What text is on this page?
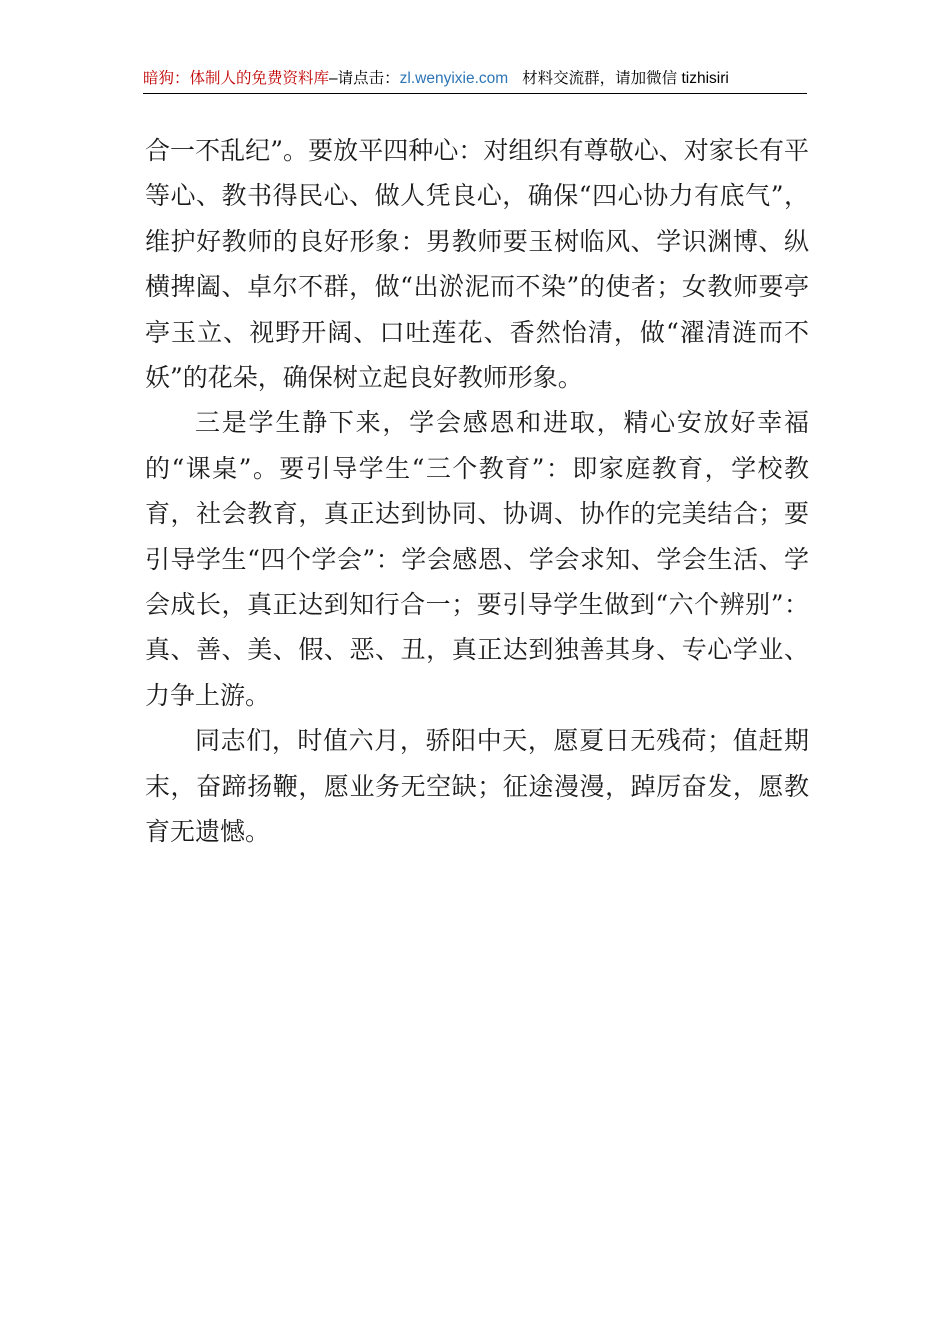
暗狗：体制人的免费资料库–请点击：zl.wenyixie.com 材料交流群，请加微信 tizhisiri

合一不乱纪”。要放平四种心：对组织有尊敬心、对家长有平等心、教书得民心、做人凭良心，确保“四心协力有底气”，维护好教师的良好形象：男教师要玉树临风、学识渊博、纵横捭阖、卓尔不群，做“出淤泥而不染”的使者；女教师要亭亭玉立、视野开阔、口吐莲花、香然怡清，做“濯清涟而不妖”的花朵，确保树立起良好教师形象。

三是学生静下来，学会感恩和进取，精心安放好幸福的“课桌”。要引导学生“三个教育”：即家庭教育，学校教育，社会教育，真正达到协同、协调、协作的完美结合；要引导学生“四个学会”：学会感恩、学会求知、学会生活、学会成长，真正达到知行合一；要引导学生做到“六个辨别”：真、善、美、假、恶、丑，真正达到独善其身、专心学业、力争上游。

同志们，时值六月，骄阳中天，愿夏日无残荷；值赶期末，奋蹄扬鞭，愿业务无空缺；征途漫漫，踔厉奋发，愿教育无遗憾。
